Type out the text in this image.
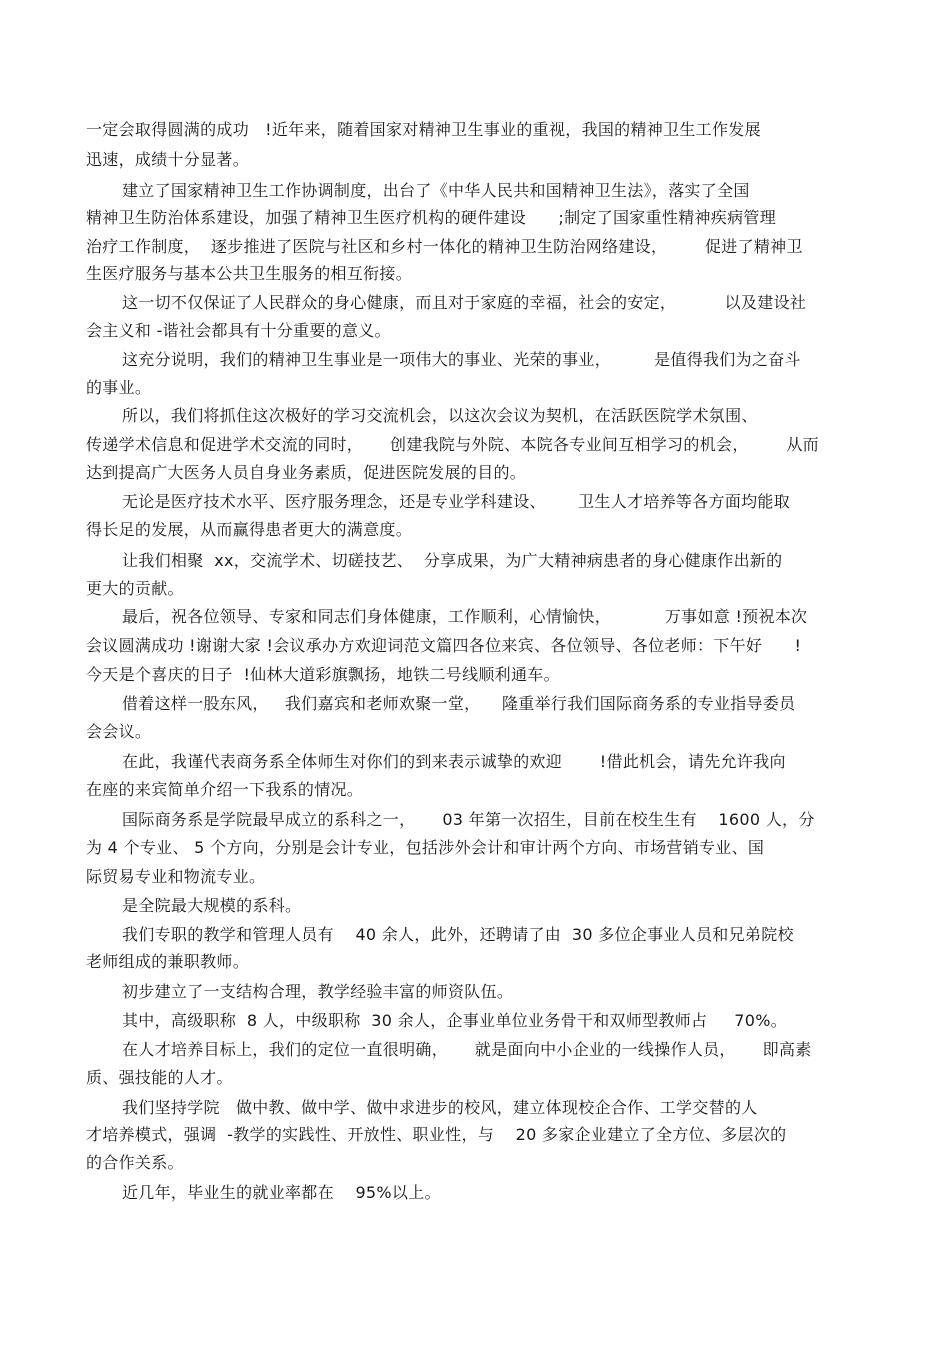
一定会取得圆满的成功   !近年来，随着国家对精神卫生事业的重视，我国的精神卫生工作发展
迅速，成绩十分显著。
建立了国家精神卫生工作协调制度，出台了《中华人民共和国精神卫生法》，落实了全国
精神卫生防治体系建设，加强了精神卫生医疗机构的硬件建设      ;制定了国家重性精神疾病管理
治疗工作制度，  逐步推进了医院与社区和乡村一体化的精神卫生防治网络建设，       促进了精神卫
生医疗服务与基本公共卫生服务的相互衔接。
这一切不仅保证了人民群众的身心健康，而且对于家庭的幸福，社会的安定，         以及建设社
会主义和 -谐社会都具有十分重要的意义。
这充分说明，我们的精神卫生事业是一项伟大的事业、光荣的事业，        是值得我们为之奋斗
的事业。
所以，我们将抓住这次极好的学习交流机会，以这次会议为契机，在活跃医院学术氛围、
传递学术信息和促进学术交流的同时，     创建我院与外院、本院各专业间互相学习的机会，       从而
达到提高广大医务人员自身业务素质，促进医院发展的目的。
无论是医疗技术水平、医疗服务理念，还是专业学科建设、      卫生人才培养等各方面均能取
得长足的发展，从而赢得患者更大的满意度。
让我们相聚  xx，交流学术、切磋技艺、  分享成果，为广大精神病患者的身心健康作出新的
更大的贡献。
最后，祝各位领导、专家和同志们身体健康，工作顺利，心情愉快，          万事如意 !预祝本次
会议圆满成功 !谢谢大家 !会议承办方欢迎词范文篇四各位来宾、各位领导、各位老师：下午好      !
今天是个喜庆的日子  !仙林大道彩旗飘扬，地铁二号线顺利通车。
借着这样一股东风，   我们嘉宾和老师欢聚一堂，    隆重举行我们国际商务系的专业指导委员
会会议。
在此，我谨代表商务系全体师生对你们的到来表示诚挚的欢迎       !借此机会，请先允许我向
在座的来宾简单介绍一下我系的情况。
国际商务系是学院最早成立的系科之一，     03 年第一次招生，目前在校生生有    1600 人，分
为 4 个专业、 5 个方向，分别是会计专业，包括涉外会计和审计两个方向、市场营销专业、国
际贸易专业和物流专业。
是全院最大规模的系科。
我们专职的教学和管理人员有    40 余人，此外，还聘请了由  30 多位企事业人员和兄弟院校
老师组成的兼职教师。
初步建立了一支结构合理，教学经验丰富的师资队伍。
其中，高级职称  8 人，中级职称  30 余人，企事业单位业务骨干和双师型教师占     70%。
在人才培养目标上，我们的定位一直很明确，     就是面向中小企业的一线操作人员，     即高素
质、强技能的人才。
我们坚持学院   做中教、做中学、做中求进步的校风，建立体现校企合作、工学交替的人
才培养模式，强调  -教学的实践性、开放性、职业性，与    20 多家企业建立了全方位、多层次的
的合作关系。
近几年，毕业生的就业率都在    95%以上。
